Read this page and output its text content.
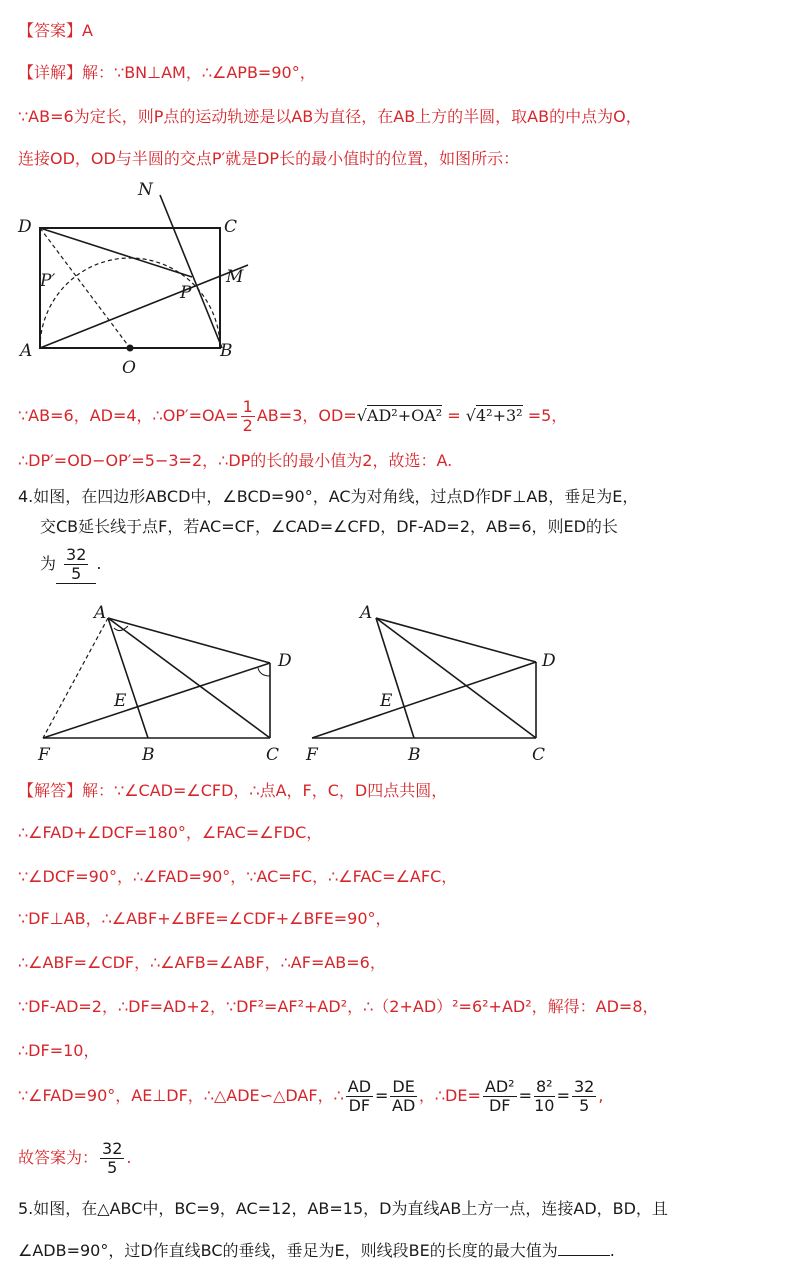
【答案】A
【详解】解：∵BN⊥AM，∴∠APB=90°，
∵AB=6为定长，则P点的运动轨迹是以AB为直径，在AB上方的半圆，取AB的中点为O，
连接OD，OD与半圆的交点P′就是DP长的最小值时的位置，如图所示：
N
D	C
M
P′
P
A	B
O
∵AB=6，AD=4，∴OP′=OA= $\frac{1}{2} AB=3$，OD=√AD²+OA² = √4²+3² =5，
∴DP′=OD−OP′=5−3=2，∴DP的长的最小值为2，故选：A.
4.如图，在四边形ABCD中，∠BCD=90°，AC为对角线，过点D作DF⊥AB，垂足为E，
交CB延长线于点F，若AC=CF，∠CAD=∠CFD，DF-AD=2，AB=6，则ED的长
为 $\frac{32}{5}$ .
A
D
E
F	B	C
A
D
E
F	B	C
【解答】解：∵∠CAD=∠CFD，∴点A，F，C，D四点共圆，
∴∠FAD+∠DCF=180°，∠FAC=∠FDC，
∵∠DCF=90°，∴∠FAD=90°，∵AC=FC，∴∠FAC=∠AFC，
∵DF⊥AB，∴∠ABF+∠BFE=∠CDF+∠BFE=90°，
∴∠ABF=∠CDF，∴∠AFB=∠ABF，∴AF=AB=6，
∵DF-AD=2，∴DF=AD+2，∵DF²=AF²+AD²，∴（2+AD）²=6²+AD²，解得：AD=8，
∴DF=10，
∵∠FAD=90°，AE⊥DF，∴△ADE∽△DAF，∴ $\frac{AD}{DF} = \frac{DE}{AD}$ ，∴DE= $\frac{\text{AD²}}{DF} = \frac{\text{8²}}{10} = \frac{32}{5}$ ,
故答案为： $\frac{32}{5}$ .
5.如图，在△ABC中，BC=9，AC=12，AB=15，D为直线AB上方一点，连接AD，BD，且
∠ADB=90°，过D作直线BC的垂线，垂足为E，则线段BE的长度的最大值为	.
